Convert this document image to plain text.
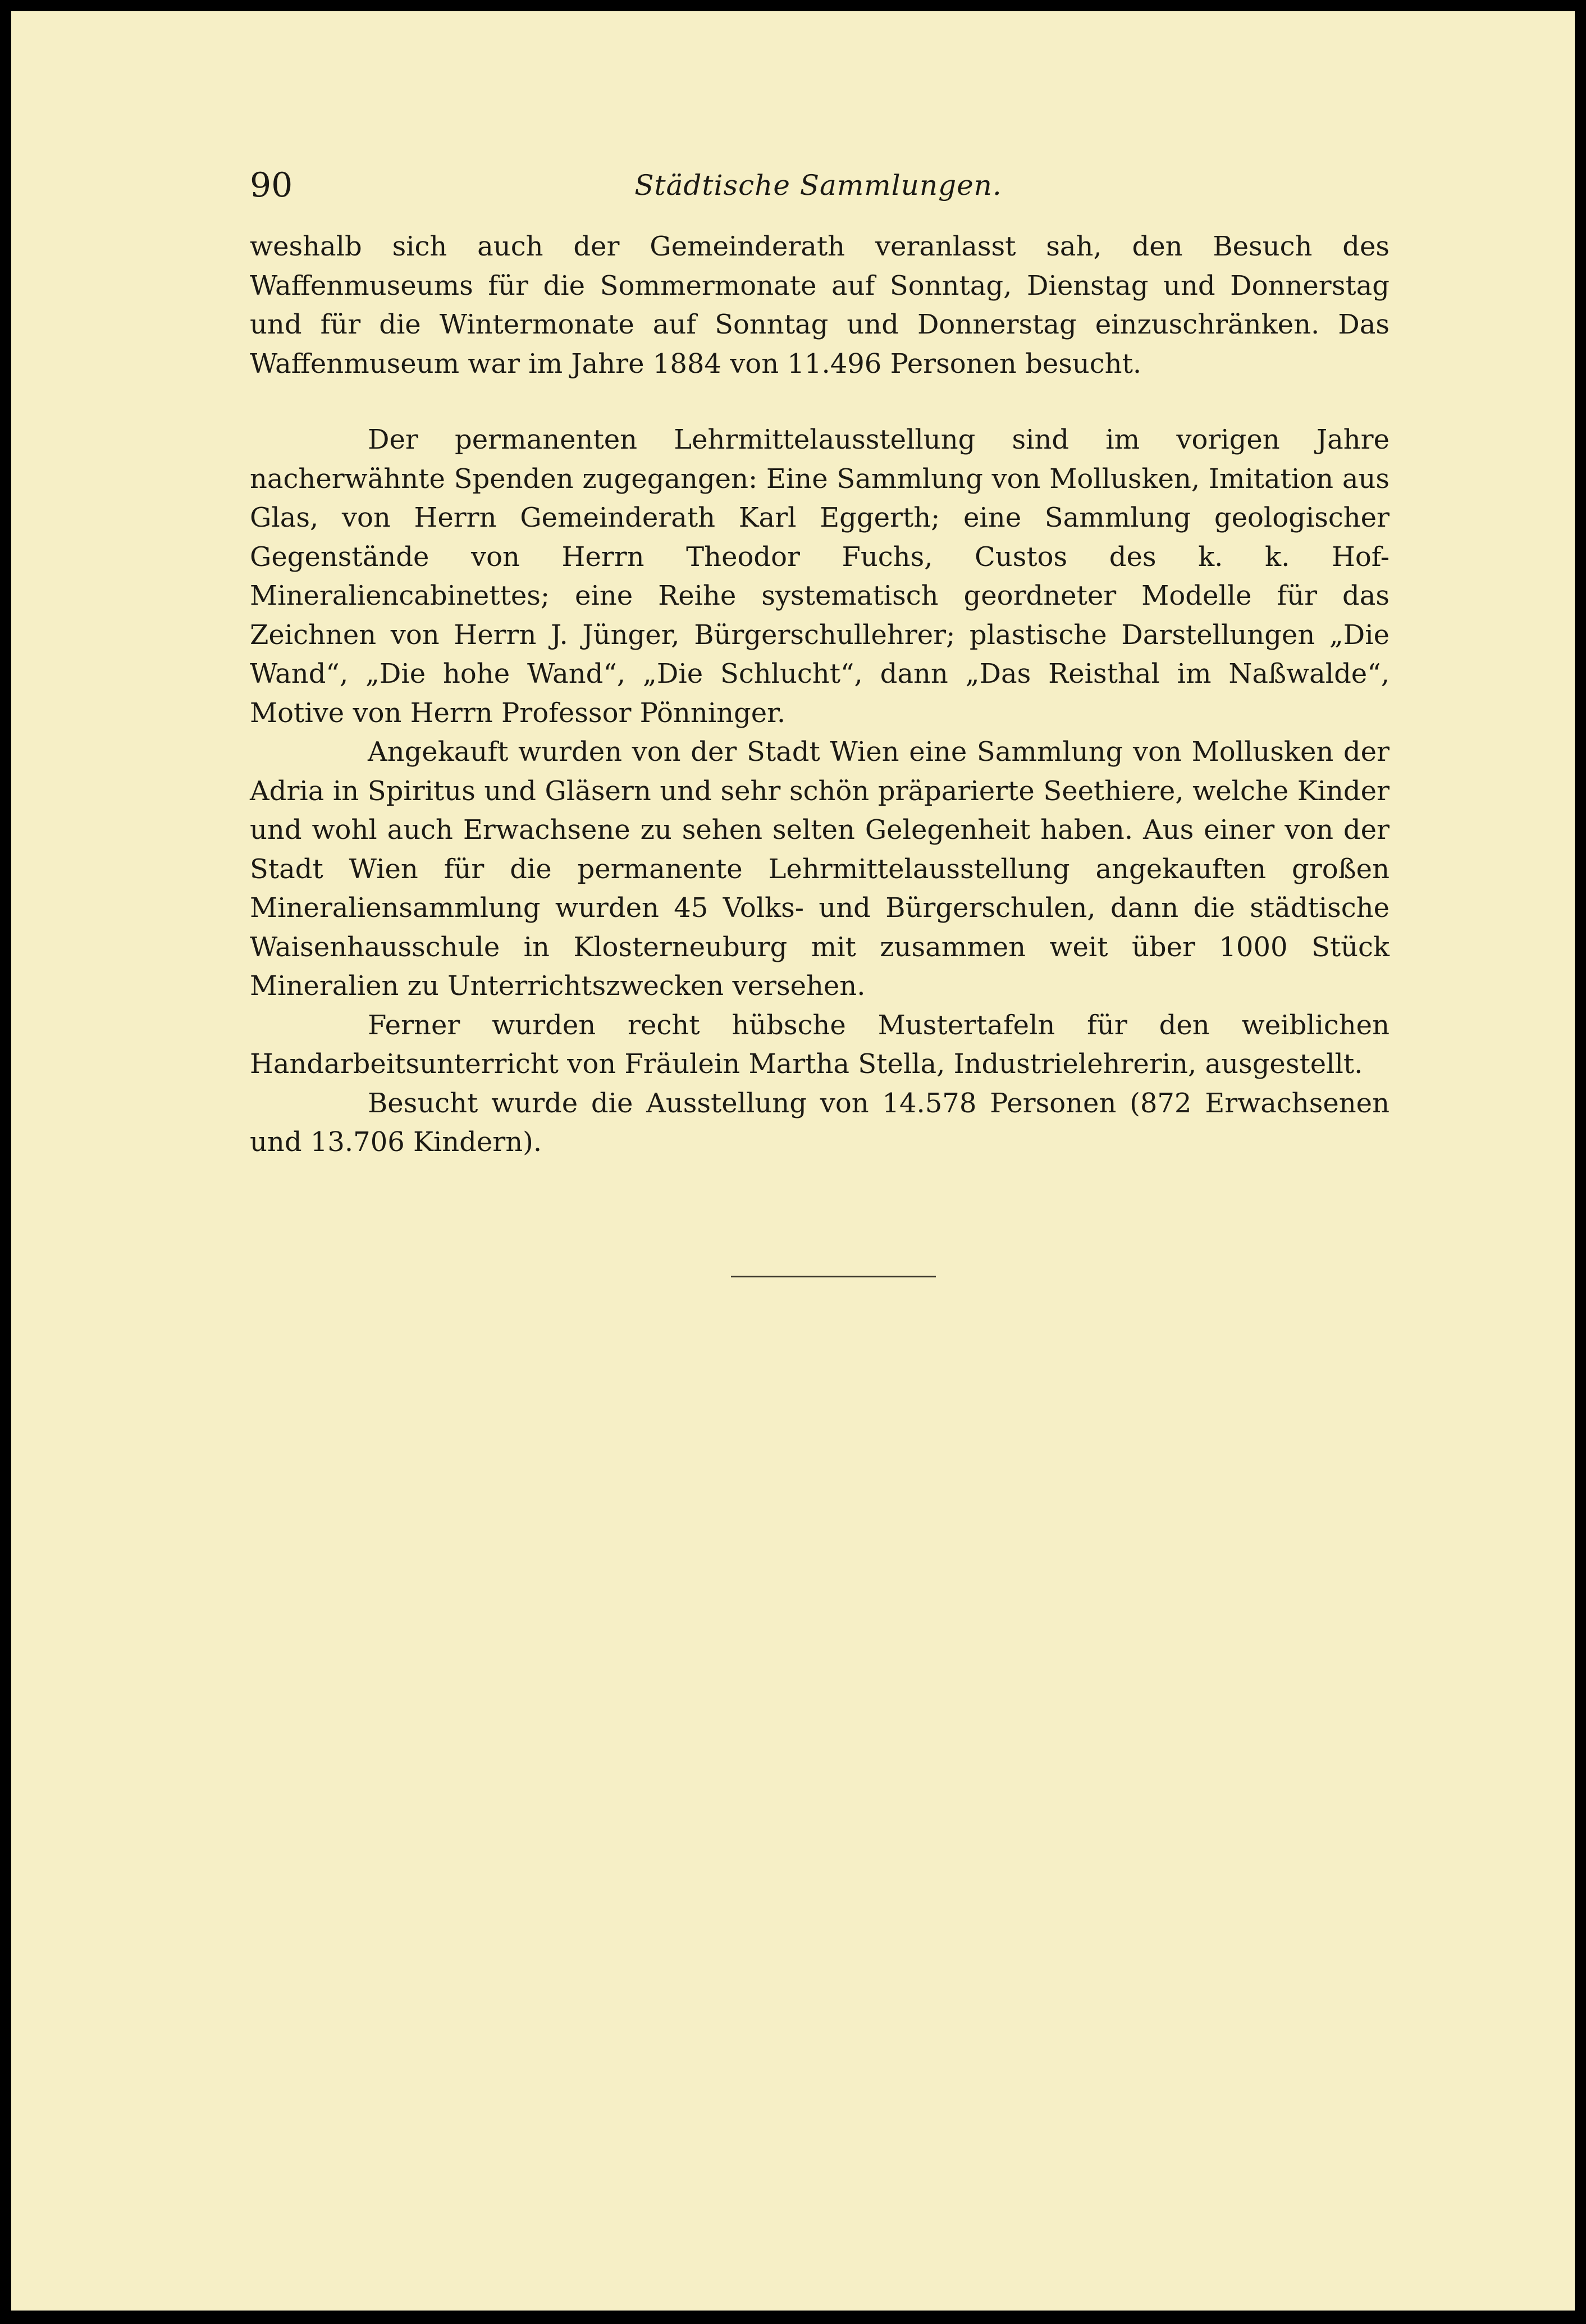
90	Städtische Sammlungen.

weshalb sich auch der Gemeinderath veranlasst sah, den Besuch des Waffenmuseums für die Sommermonate auf Sonntag, Dienstag und Donnerstag und für die Wintermonate auf Sonntag und Donnerstag einzuschränken. Das Waffenmuseum war im Jahre 1884 von 11.496 Personen besucht.

Der permanenten Lehrmittelausstellung sind im vorigen Jahre nacherwähnte Spenden zugegangen: Eine Sammlung von Mollusken, Imitation aus Glas, von Herrn Gemeinderath Karl Eggerth; eine Sammlung geologischer Gegenstände von Herrn Theodor Fuchs, Custos des k. k. Hof-Mineraliencabinettes; eine Reihe systematisch geordneter Modelle für das Zeichnen von Herrn J. Jünger, Bürgerschullehrer; plastische Darstellungen „Die Wand“, „Die hohe Wand“, „Die Schlucht“, dann „Das Reisthal im Naßwalde“, Motive von Herrn Professor Pönninger.

Angekauft wurden von der Stadt Wien eine Sammlung von Mollusken der Adria in Spiritus und Gläsern und sehr schön präparierte Seethiere, welche Kinder und wohl auch Erwachsene zu sehen selten Gelegenheit haben. Aus einer von der Stadt Wien für die permanente Lehrmittelausstellung angekauften großen Mineraliensammlung wurden 45 Volks- und Bürgerschulen, dann die städtische Waisenhausschule in Klosterneuburg mit zusammen weit über 1000 Stück Mineralien zu Unterrichtszwecken versehen.

Ferner wurden recht hübsche Mustertafeln für den weiblichen Handarbeitsunterricht von Fräulein Martha Stella, Industrielehrerin, ausgestellt.

Besucht wurde die Ausstellung von 14.578 Personen (872 Erwachsenen und 13.706 Kindern).
